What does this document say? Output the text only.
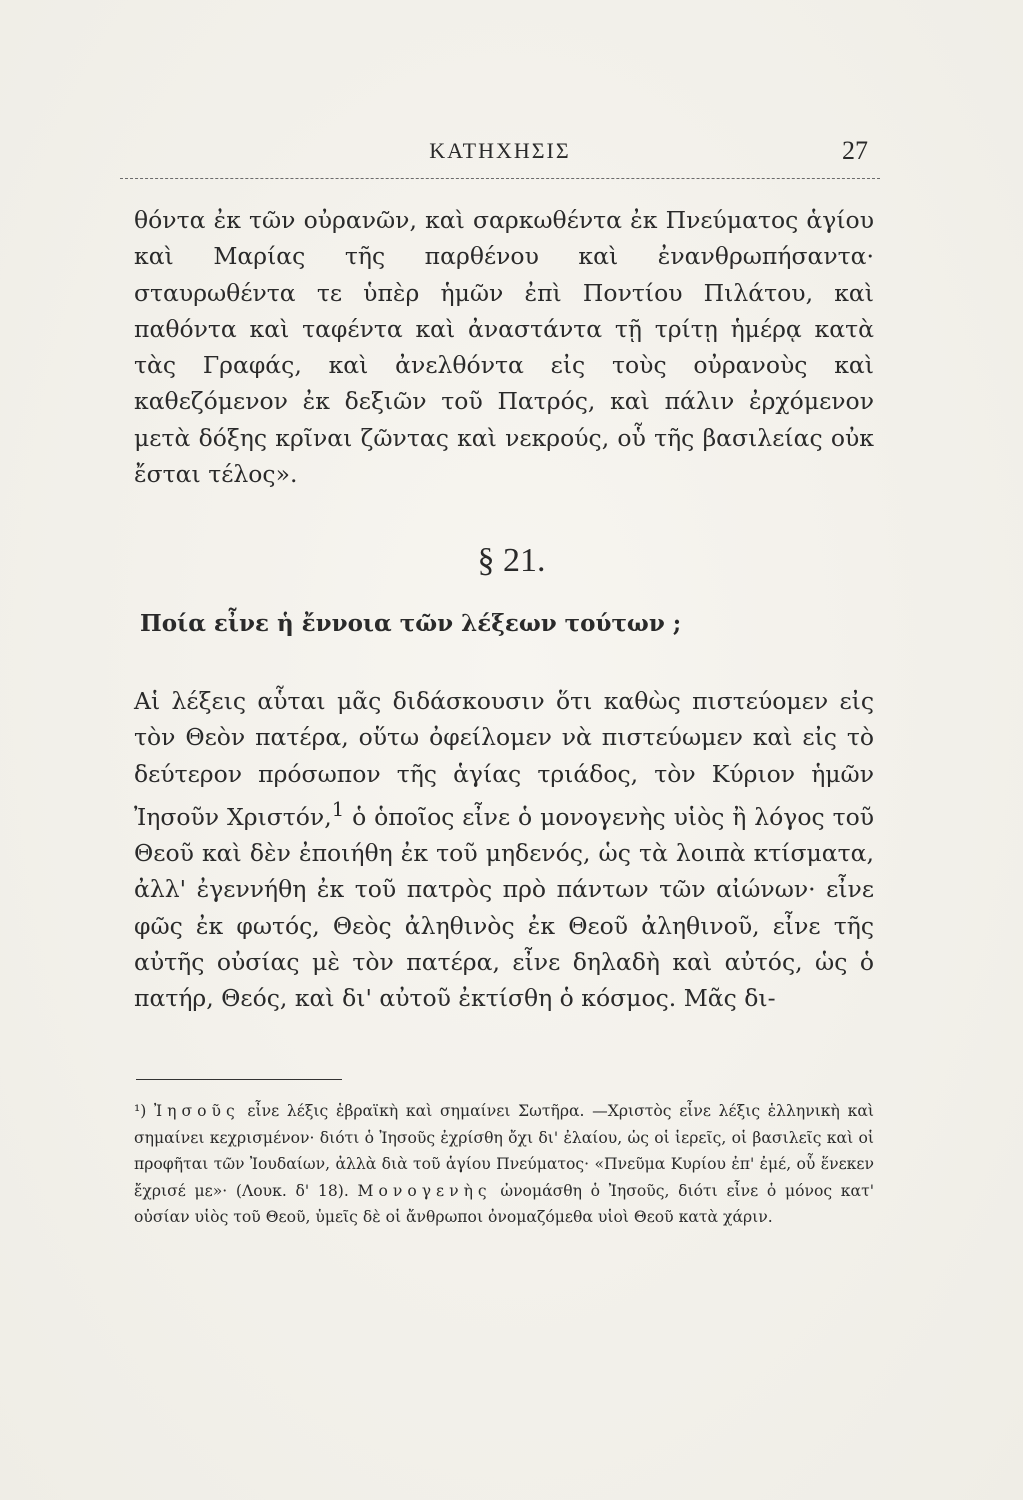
ΚΑΤΗΧΗΣΙΣ	27

θόντα ἐκ τῶν οὐρανῶν, καὶ σαρκωθέντα ἐκ Πνεύματος ἁγίου καὶ Μαρίας τῆς παρθένου καὶ ἐνανθρωπήσαντα· σταυρωθέντα τε ὑπὲρ ἡμῶν ἐπὶ Ποντίου Πιλάτου, καὶ παθόντα καὶ ταφέντα καὶ ἀναστάντα τῇ τρίτῃ ἡμέρᾳ κατὰ τὰς Γραφάς, καὶ ἀνελθόντα εἰς τοὺς οὐρανοὺς καὶ καθεζόμενον ἐκ δεξιῶν τοῦ Πατρός, καὶ πάλιν ἐρχόμενον μετὰ δόξης κρῖναι ζῶντας καὶ νεκρούς, οὗ τῆς βασιλείας οὐκ ἔσται τέλος».

§ 21.
Ποία εἶνε ἡ ἔννοια τῶν λέξεων τούτων ;

Αἱ λέξεις αὗται μᾶς διδάσκουσιν ὅτι καθὼς πιστεύομεν εἰς τὸν Θεὸν πατέρα, οὕτω ὀφείλομεν νὰ πιστεύωμεν καὶ εἰς τὸ δεύτερον πρόσωπον τῆς ἁγίας τριάδος, τὸν Κύριον ἡμῶν Ἰησοῦν Χριστόν,$^1$ ὁ ὁποῖος εἶνε ὁ μονογενὴς υἱὸς ἢ λόγος τοῦ Θεοῦ καὶ δὲν ἐποιήθη ἐκ τοῦ μηδενός, ὡς τὰ λοιπὰ κτίσματα, ἀλλ' ἐγεννήθη ἐκ τοῦ πατρὸς πρὸ πάντων τῶν αἰώνων· εἶνε φῶς ἐκ φωτός, Θεὸς ἀληθινὸς ἐκ Θεοῦ ἀληθινοῦ, εἶνε τῆς αὐτῆς οὐσίας μὲ τὸν πατέρα, εἶνε δηλαδὴ καὶ αὐτός, ὡς ὁ πατήρ, Θεός, καὶ δι' αὐτοῦ ἐκτίσθη ὁ κόσμος. Μᾶς δι-

¹) Ἰησοῦς εἶνε λέξις ἑβραϊκὴ καὶ σημαίνει Σωτῆρα. —Χριστὸς εἶνε λέξις ἑλληνικὴ καὶ σημαίνει κεχρισμένον· διότι ὁ Ἰησοῦς ἐχρίσθη ὄχι δι' ἐλαίου, ὡς οἱ ἱερεῖς, οἱ βασιλεῖς καὶ οἱ προφῆται τῶν Ἰουδαίων, ἀλλὰ διὰ τοῦ ἁγίου Πνεύματος· «Πνεῦμα Κυρίου ἐπ' ἐμέ, οὗ ἕνεκεν ἔχρισέ με»· (Λουκ. δ' 18). Μονογενὴς ὠνομάσθη ὁ Ἰησοῦς, διότι εἶνε ὁ μόνος κατ' οὐσίαν υἱὸς τοῦ Θεοῦ, ὑμεῖς δὲ οἱ ἄνθρωποι ὀνομαζόμεθα υἱοὶ Θεοῦ κατὰ χάριν.
